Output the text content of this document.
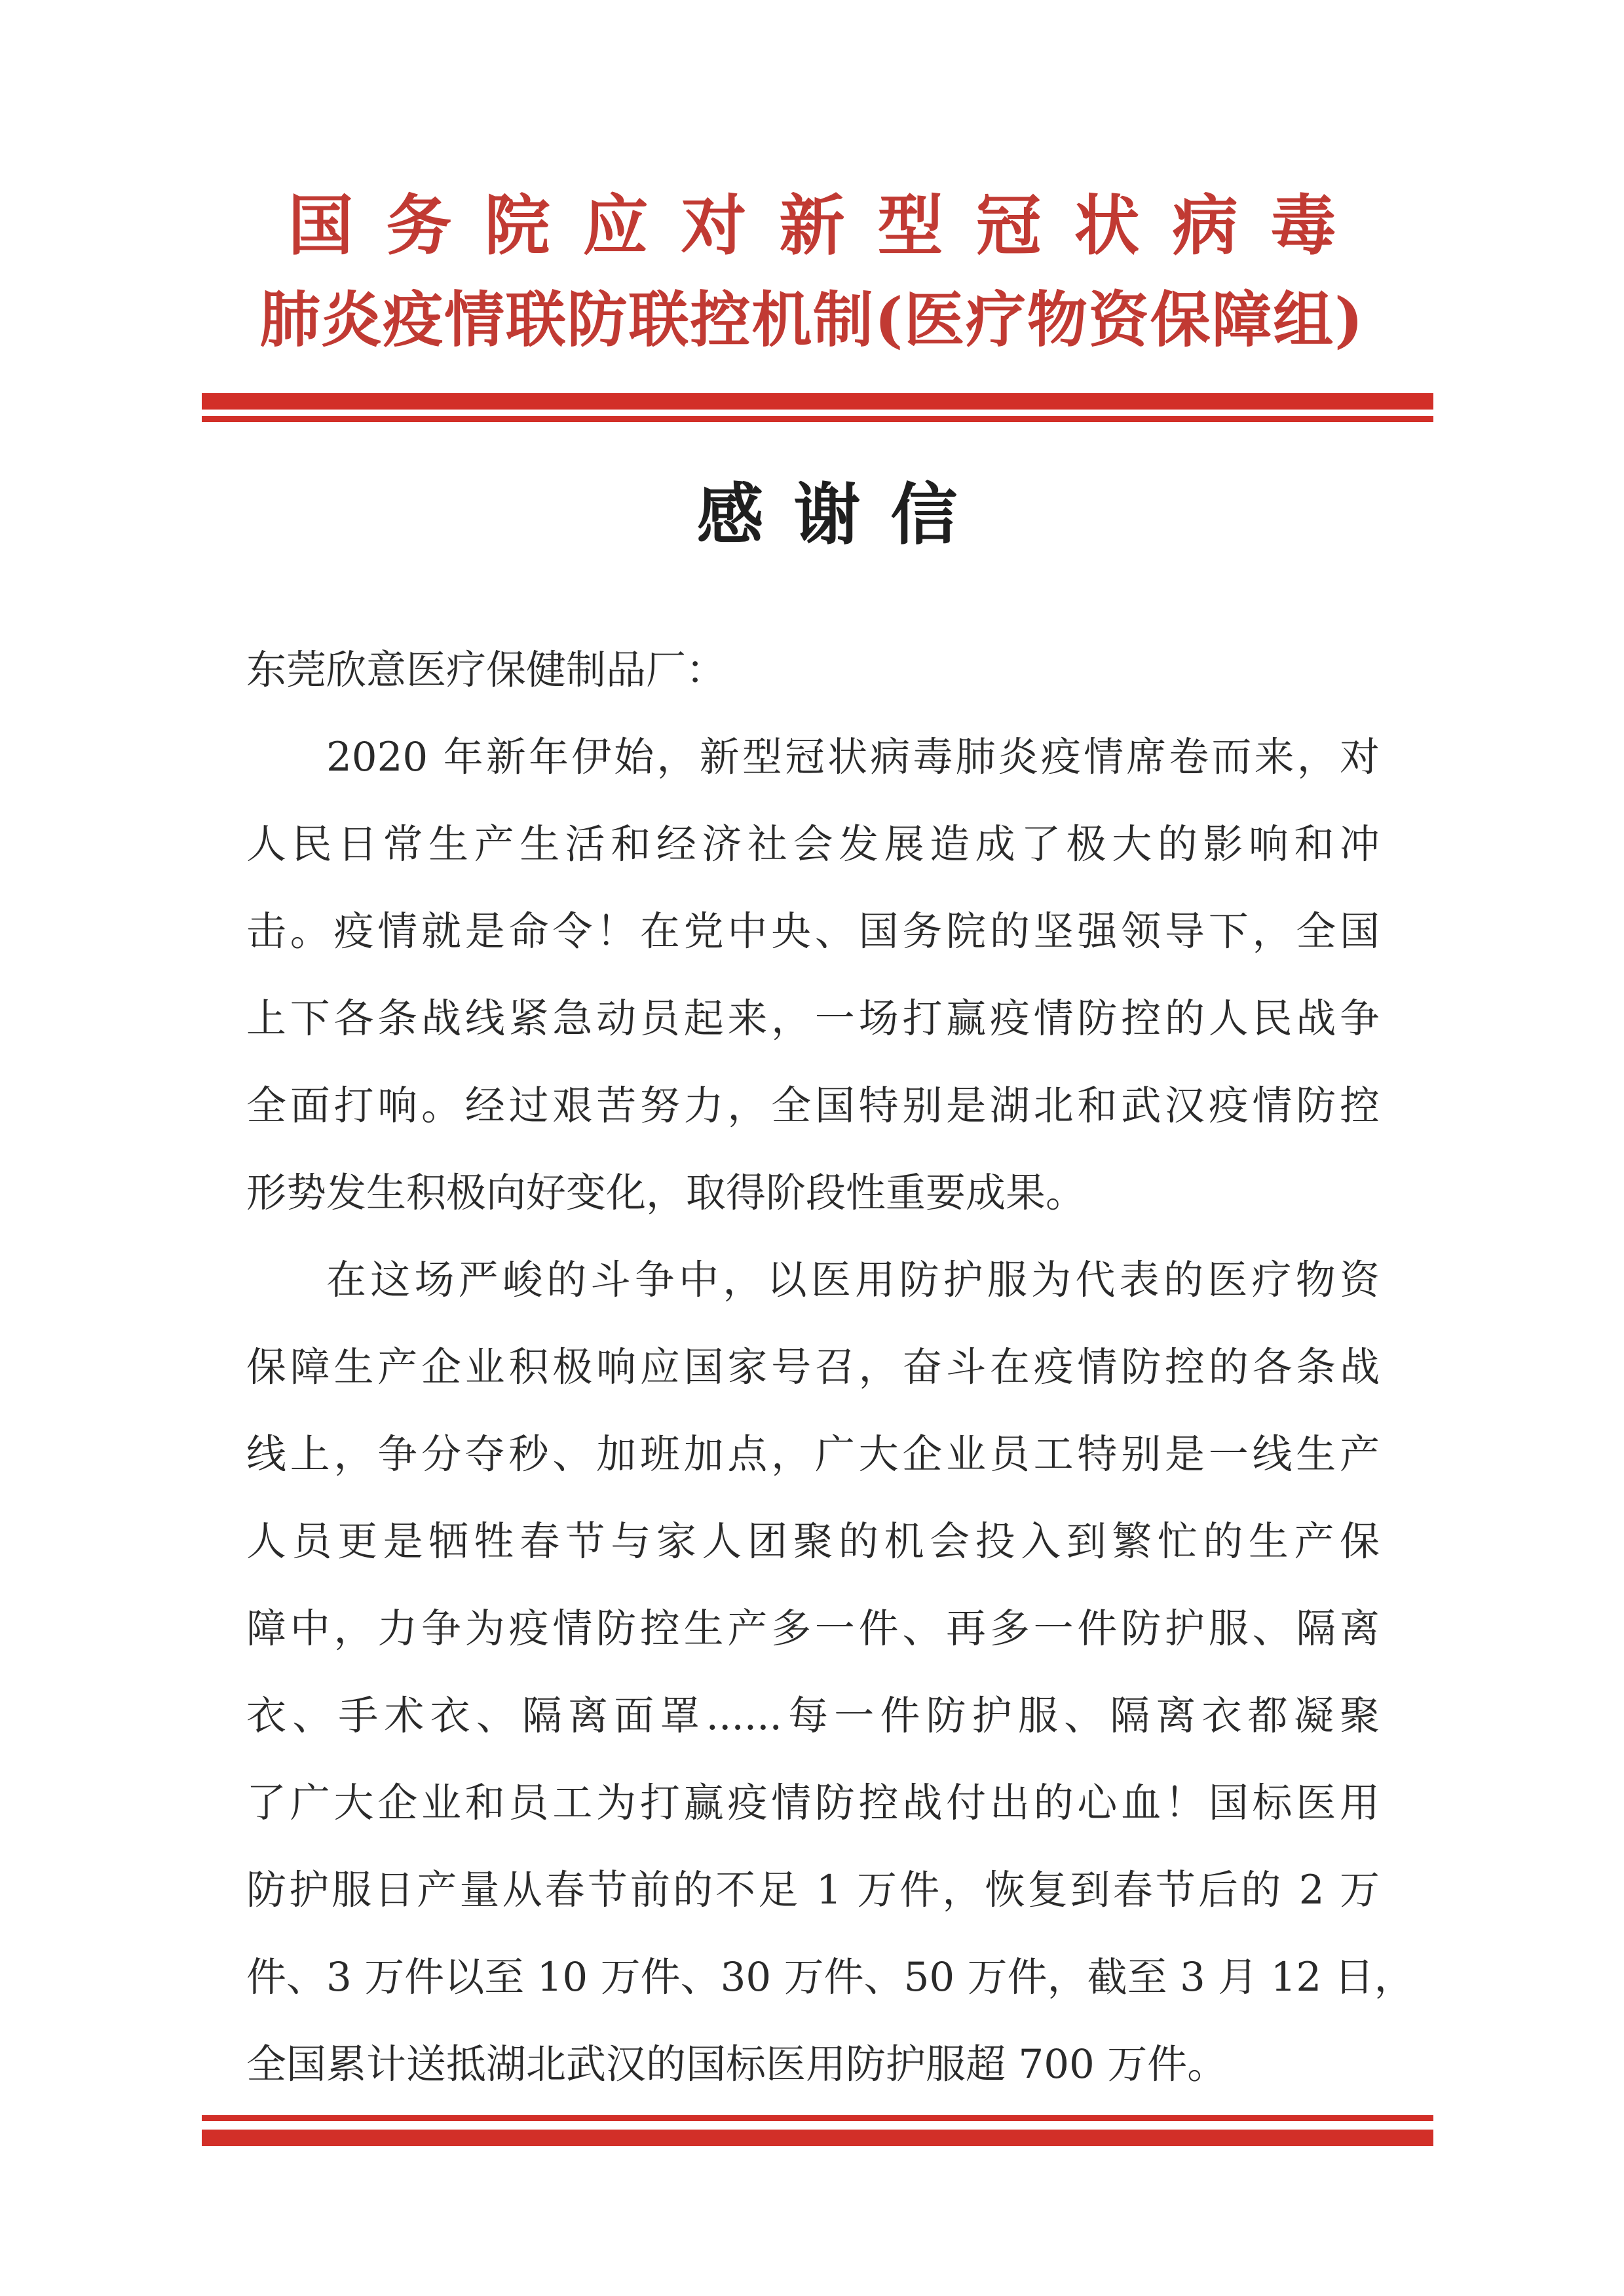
国务院应对新型冠状病毒
肺炎疫情联防联控机制(医疗物资保障组)
感谢信
东莞欣意医疗保健制品厂：
2020 年新年伊始，新型冠状病毒肺炎疫情席卷而来，对
人民日常生产生活和经济社会发展造成了极大的影响和冲
击。疫情就是命令！在党中央、国务院的坚强领导下，全国
上下各条战线紧急动员起来，一场打赢疫情防控的人民战争
全面打响。经过艰苦努力，全国特别是湖北和武汉疫情防控
形势发生积极向好变化，取得阶段性重要成果。
在这场严峻的斗争中，以医用防护服为代表的医疗物资
保障生产企业积极响应国家号召，奋斗在疫情防控的各条战
线上，争分夺秒、加班加点，广大企业员工特别是一线生产
人员更是牺牲春节与家人团聚的机会投入到繁忙的生产保
障中，力争为疫情防控生产多一件、再多一件防护服、隔离
衣、手术衣、隔离面罩......每一件防护服、隔离衣都凝聚
了广大企业和员工为打赢疫情防控战付出的心血！国标医用
防护服日产量从春节前的不足 1 万件，恢复到春节后的 2 万
件、3 万件以至 10 万件、30 万件、50 万件，截至 3 月 12 日，
全国累计送抵湖北武汉的国标医用防护服超 700 万件。
